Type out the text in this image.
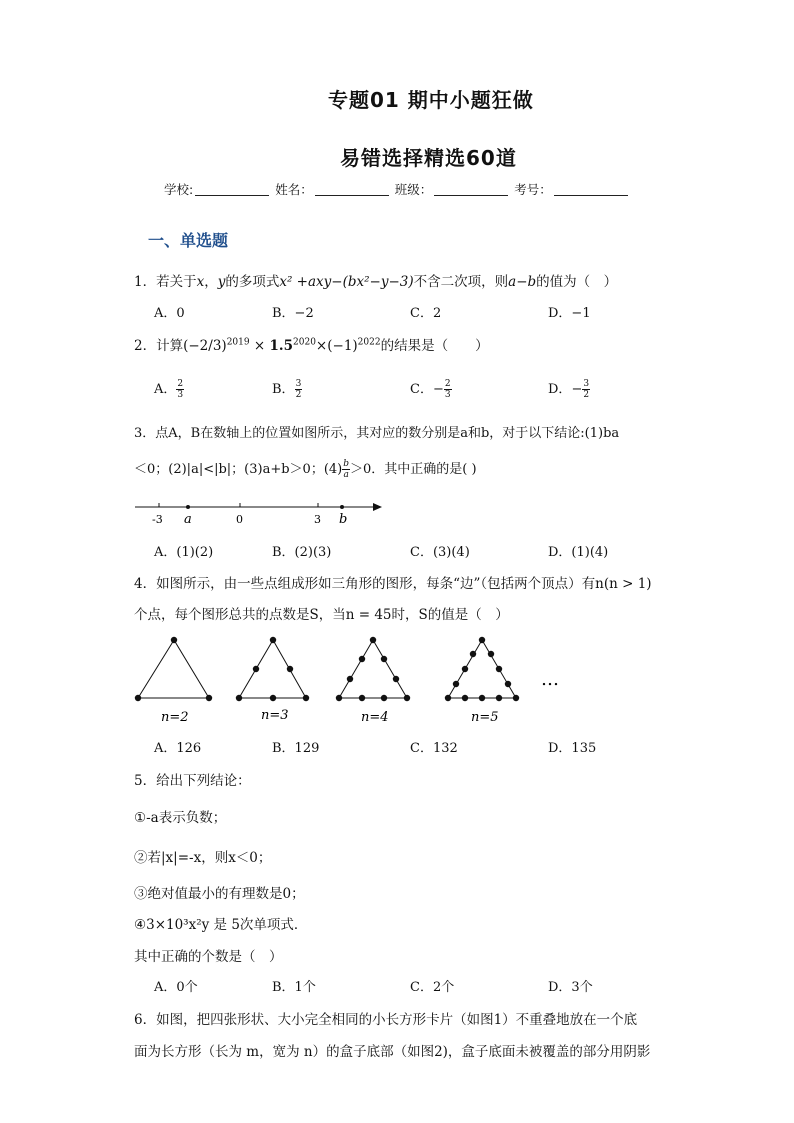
专题01 期中小题狂做
易错选择精选60道
学校:	姓名：	班级：	考号：
一、单选题
1．若关于x，y的多项式x² +axy−(bx²−y−3)不含二次项，则a−b的值为（　）
A．0	B．−2	C．2	D．−1
2．计算$(-2/3)^{2019} \times 1.5^{2020}\times(-1)^{2022}$的结果是（　　）
A． $\frac{2}{3}$	B． $\frac{3}{2}$	C．− $\frac{2}{3}$	D．− $\frac{3}{2}$
3．点A，B在数轴上的位置如图所示，其对应的数分别是a和b，对于以下结论:(1)ba
＜0；(2)|a|<|b|；(3)a+b＞0；$(4) \frac{b}{a} >0$．其中正确的是( )
-3 a	0	3 b
A．(1)(2)	B．(2)(3)	C．(3)(4)	D．(1)(4)
4．如图所示，由一些点组成形如三角形的图形，每条“边”（包括两个顶点）有n(n > 1)
个点，每个图形总共的点数是S，当n = 45时，S的值是（　）
n=2	n=3	n=4	n=5
…
A．126	B．129	C．132	D．135
5．给出下列结论：
①-a表示负数；
②若|x|=-x，则x＜0；
③绝对值最小的有理数是0；
④3×10³x²y 是 5次单项式．
其中正确的个数是（　）
A．0个	B．1个	C．2个	D．3个
6．如图，把四张形状、大小完全相同的小长方形卡片（如图1）不重叠地放在一个底
面为长方形（长为 m，宽为 n）的盒子底部（如图2)，盒子底面未被覆盖的部分用阴影
